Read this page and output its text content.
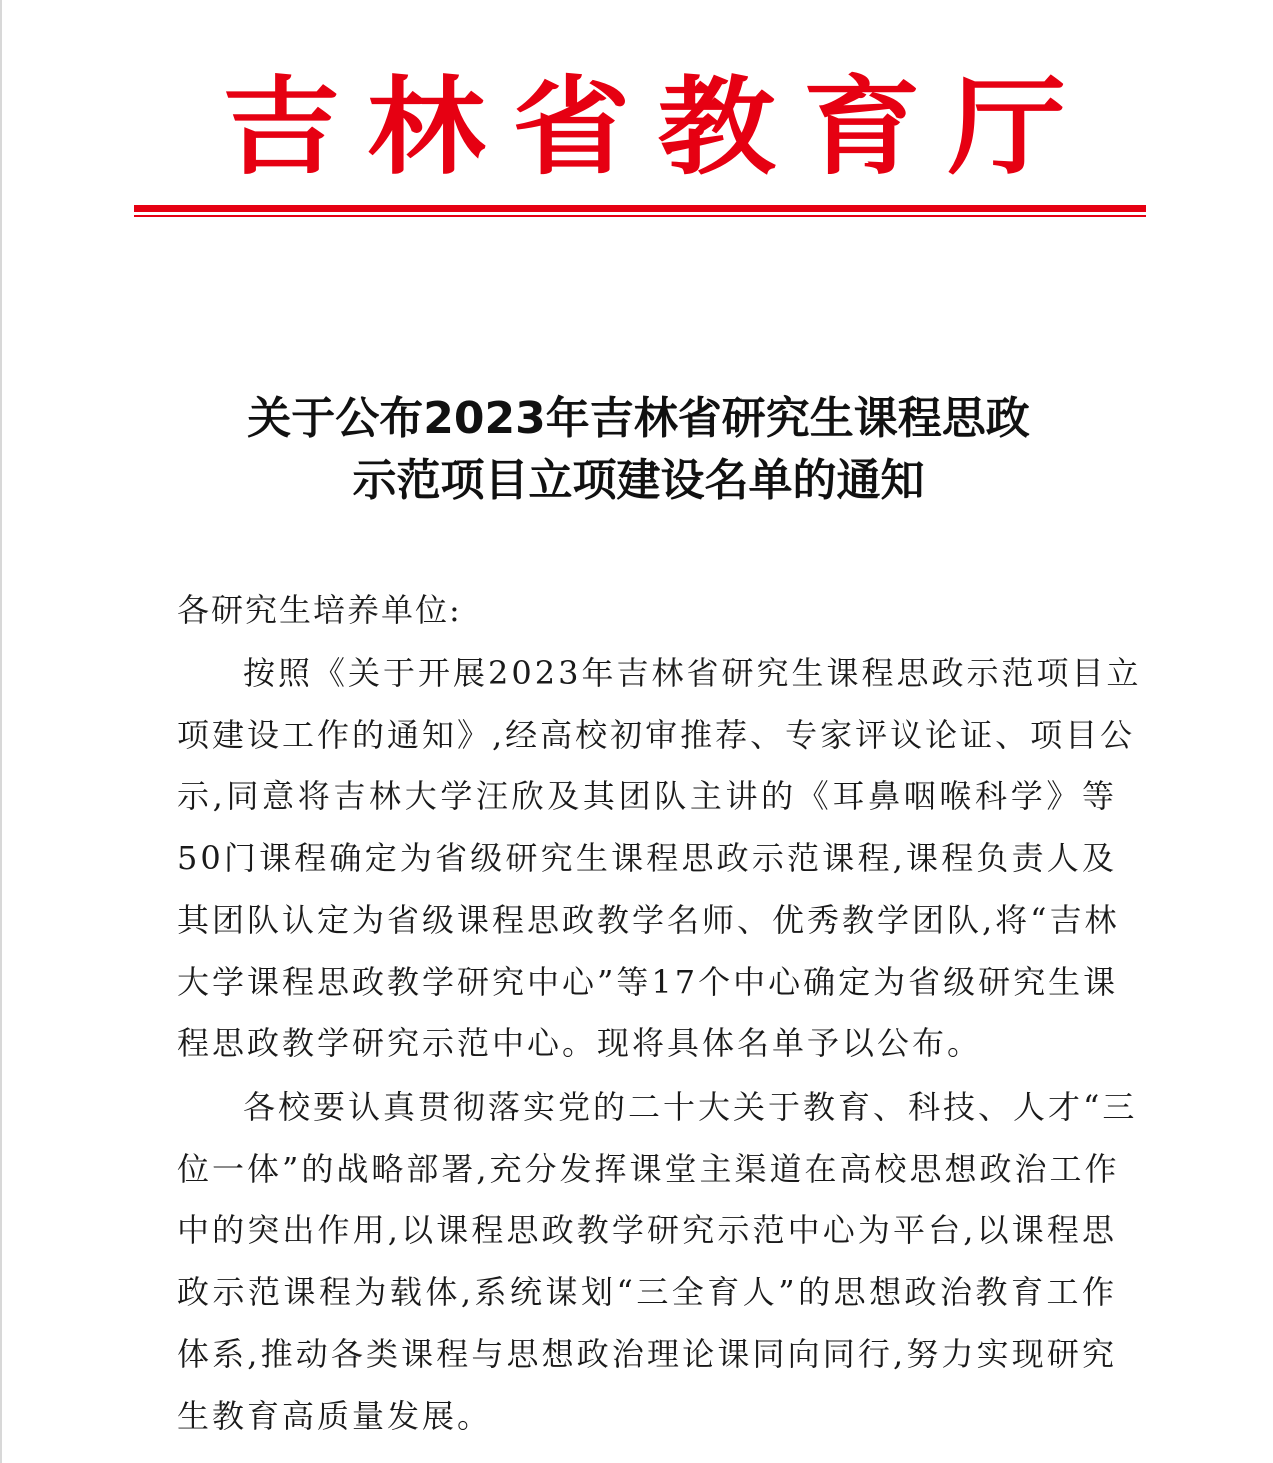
吉 林 省 教 育 厅
关于公布2023年吉林省研究生课程思政
示范项目立项建设名单的通知
各研究生培养单位:
按照《关于开展2023年吉林省研究生课程思政示范项目立
项建设工作的通知》,经高校初审推荐、专家评议论证、项目公
示,同意将吉林大学汪欣及其团队主讲的《耳鼻咽喉科学》等
50门课程确定为省级研究生课程思政示范课程,课程负责人及
其团队认定为省级课程思政教学名师、优秀教学团队,将“吉林
大学课程思政教学研究中心”等17个中心确定为省级研究生课
程思政教学研究示范中心。现将具体名单予以公布。
各校要认真贯彻落实党的二十大关于教育、科技、人才“三
位一体”的战略部署,充分发挥课堂主渠道在高校思想政治工作
中的突出作用,以课程思政教学研究示范中心为平台,以课程思
政示范课程为载体,系统谋划“三全育人”的思想政治教育工作
体系,推动各类课程与思想政治理论课同向同行,努力实现研究
生教育高质量发展。
